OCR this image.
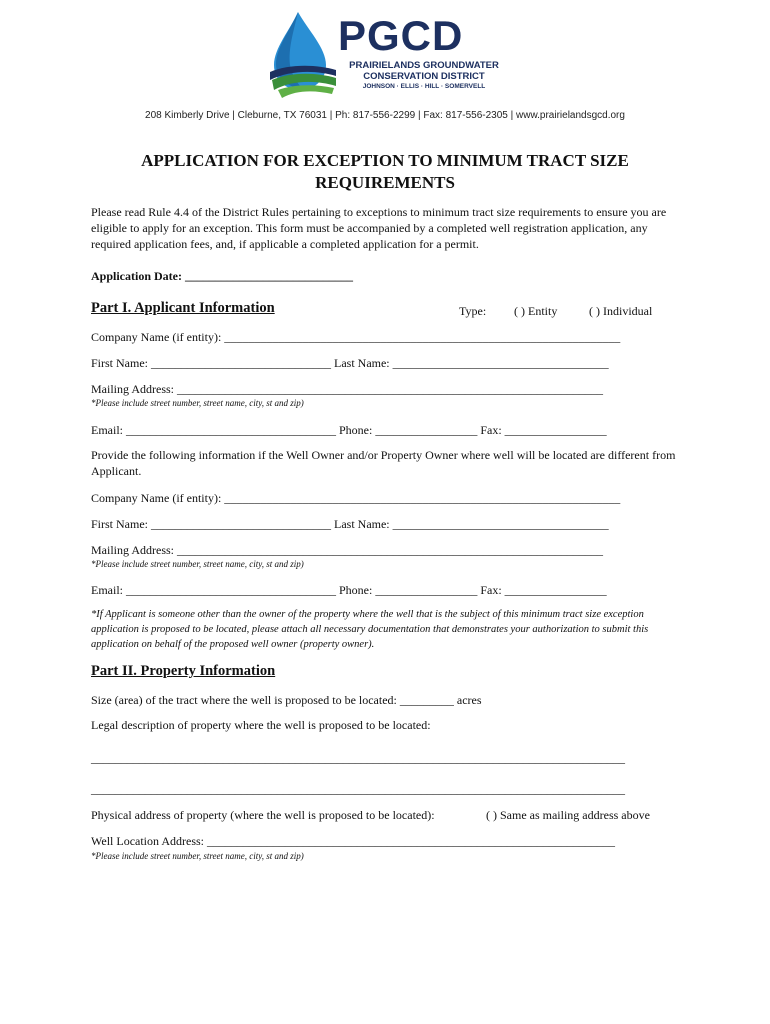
PGCD
PRAIRIELANDS GROUNDWATER
CONSERVATION DISTRICT
JOHNSON · ELLIS · HILL · SOMERVELL
208 Kimberly Drive | Cleburne, TX 76031 | Ph: 817-556-2299 | Fax: 817-556-2305 | www.prairielandsgcd.org
APPLICATION FOR EXCEPTION TO MINIMUM TRACT SIZE
REQUIREMENTS
Please read Rule 4.4 of the District Rules pertaining to exceptions to minimum tract size requirements to ensure you are eligible to apply for an exception. This form must be accompanied by a completed well registration application, any required application fees, and, if applicable a completed application for a permit.
Application Date: ____________________________
Part I. Applicant Information	Type: ( ) Entity	( ) Individual
Company Name (if entity): __________________________________________________________________
First Name: ______________________________ Last Name: ____________________________________
Mailing Address: _______________________________________________________________________
*Please include street number, street name, city, st and zip)
Email: ___________________________________ Phone: _________________ Fax: _________________
Provide the following information if the Well Owner and/or Property Owner where well will be located are different from Applicant.
Company Name (if entity): __________________________________________________________________
First Name: ______________________________ Last Name: ____________________________________
Mailing Address: _______________________________________________________________________
*Please include street number, street name, city, st and zip)
Email: ___________________________________ Phone: _________________ Fax: _________________
*If Applicant is someone other than the owner of the property where the well that is the subject of this minimum tract size exception application is proposed to be located, please attach all necessary documentation that demonstrates your authorization to submit this application on behalf of the proposed well owner (property owner).
Part II. Property Information
Size (area) of the tract where the well is proposed to be located: _________ acres
Legal description of property where the well is proposed to be located:
_________________________________________________________________________________________
_________________________________________________________________________________________
Physical address of property (where the well is proposed to be located):	( ) Same as mailing address above
Well Location Address: ____________________________________________________________________
*Please include street number, street name, city, st and zip)
